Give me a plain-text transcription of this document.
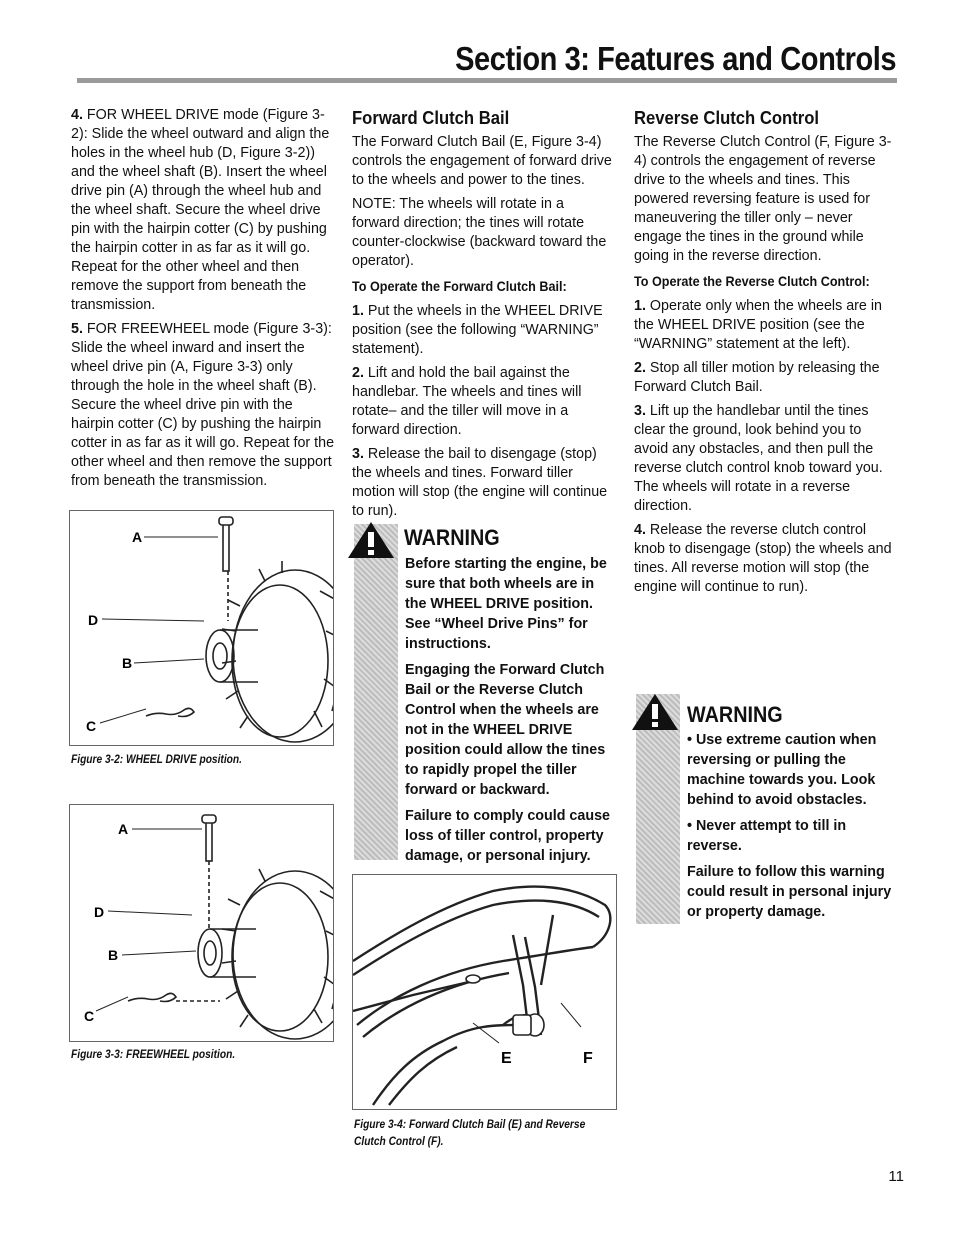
Section 3: Features and Controls

4. FOR WHEEL DRIVE mode (Figure 3-2): Slide the wheel outward and align the holes in the wheel hub (D, Figure 3-2)) and the wheel shaft (B). Insert the wheel drive pin (A) through the wheel hub and the wheel shaft. Secure the wheel drive pin with the hairpin cotter (C) by pushing the hairpin cotter in as far as it will go. Repeat for the other wheel and then remove the support from beneath the transmission.

5. FOR FREEWHEEL mode (Figure 3-3): Slide the wheel inward and insert the wheel drive pin (A, Figure 3-3) only through the hole in the wheel shaft (B). Secure the wheel drive pin with the hairpin cotter (C) by pushing the hairpin cotter in as far as it will go. Repeat for the other wheel and then remove the support from beneath the transmission.

A
D
B
C
Figure 3-2: WHEEL DRIVE position.
A
D
B
C
Figure 3-3: FREEWHEEL position.
Forward Clutch Bail

The Forward Clutch Bail (E, Figure 3-4) controls the engagement of forward drive to the wheels and power to the tines.

NOTE: The wheels will rotate in a forward direction; the tines will rotate counter-clockwise (backward toward the operator).

To Operate the Forward Clutch Bail:

1. Put the wheels in the WHEEL DRIVE position (see the following “WARNING” statement).

2. Lift and hold the bail against the handlebar. The wheels and tines will rotate– and the tiller will move in a forward direction.

3. Release the bail to disengage (stop) the wheels and tines. Forward tiller motion will stop (the engine will continue to run).

WARNING

Before starting the engine, be sure that both wheels are in the WHEEL DRIVE position. See “Wheel Drive Pins” for instructions.

Engaging the Forward Clutch Bail or the Reverse Clutch Control when the wheels are not in the WHEEL DRIVE position could allow the tines to rapidly propel the tiller forward or backward.

Failure to comply could cause loss of tiller control, property damage, or personal injury.

E	F
Figure 3-4: Forward Clutch Bail (E) and Reverse Clutch Control (F).
Reverse Clutch Control

The Reverse Clutch Control (F, Figure 3-4) controls the engagement of reverse drive to the wheels and tines. This powered reversing feature is used for maneuvering the tiller only – never engage the tines in the ground while going in the reverse direction.

To Operate the Reverse Clutch Control:

1. Operate only when the wheels are in the WHEEL DRIVE position (see the “WARNING” statement at the left).

2. Stop all tiller motion by releasing the Forward Clutch Bail.

3. Lift up the handlebar until the tines clear the ground, look behind you to avoid any obstacles, and then pull the reverse clutch control knob toward you. The wheels will rotate in a reverse direction.

4. Release the reverse clutch control knob to disengage (stop) the wheels and tines. All reverse motion will stop (the engine will continue to run).

WARNING

• Use extreme caution when reversing or pulling the machine towards you. Look behind to avoid obstacles.

• Never attempt to till in reverse.

Failure to follow this warning could result in personal injury or property damage.

11
